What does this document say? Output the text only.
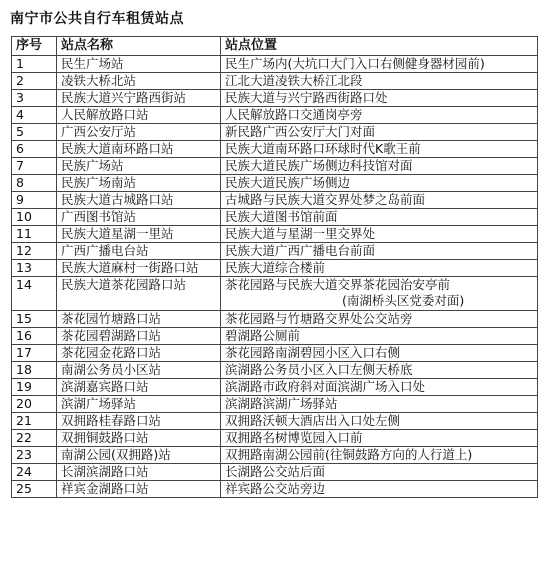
南宁市公共自行车租赁站点
序号	站点名称	站点位置
1	民生广场站	民生广场内(大坑口大门入口右侧健身器材园前)
2	凌铁大桥北站	江北大道凌铁大桥江北段
3	民族大道兴宁路西街站	民族大道与兴宁路西街路口处
4	人民解放路口站	人民解放路口交通岗亭旁
5	广西公安厅站	新民路广西公安厅大门对面
6	民族大道南环路口站	民族大道南环路口环球时代K歌王前
7	民族广场站	民族大道民族广场侧边科技馆对面
8	民族广场南站	民族大道民族广场侧边
9	民族大道古城路口站	古城路与民族大道交界处梦之岛前面
10	广西图书馆站	民族大道图书馆前面
11	民族大道星湖一里站	民族大道与星湖一里交界处
12	广西广播电台站	民族大道广西广播电台前面
13	民族大道麻村一街路口站	民族大道综合楼前
14	民族大道茶花园路口站	茶花园路与民族大道交界茶花园治安亭前
(南湖桥头区党委对面)

15	茶花园竹塘路口站	茶花园路与竹塘路交界处公交站旁
16	茶花园碧湖路口站	碧湖路公厕前
17	茶花园金花路口站	茶花园路南湖碧园小区入口右侧
18	南湖公务员小区站	滨湖路公务员小区入口左侧天桥底
19	滨湖嘉宾路口站	滨湖路市政府斜对面滨湖广场入口处
20	滨湖广场驿站	滨湖路滨湖广场驿站
21	双拥路桂春路口站	双拥路沃顿大酒店出入口处左侧
22	双拥铜鼓路口站	双拥路名树博览园入口前
23	南湖公园(双拥路)站	双拥路南湖公园前(往铜鼓路方向的人行道上)
24	长湖滨湖路口站	长湖路公交站后面
25	祥宾金湖路口站	祥宾路公交站旁边
